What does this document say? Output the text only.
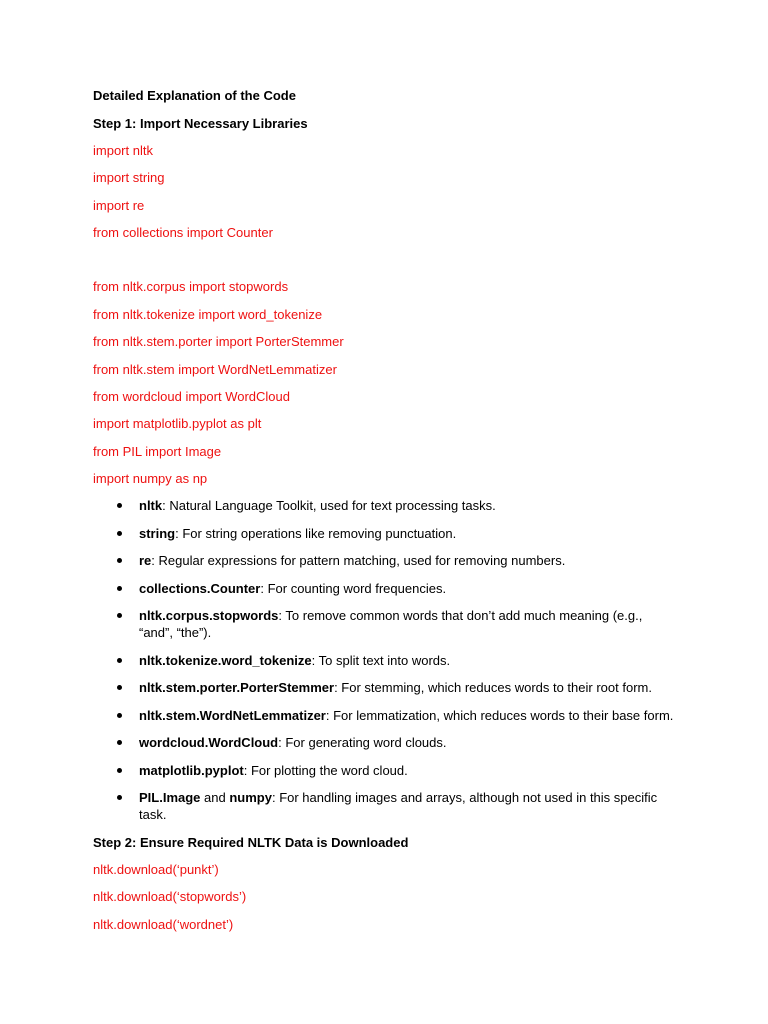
Detailed Explanation of the Code
Step 1: Import Necessary Libraries
import nltk
import string
import re
from collections import Counter
from nltk.corpus import stopwords
from nltk.tokenize import word_tokenize
from nltk.stem.porter import PorterStemmer
from nltk.stem import WordNetLemmatizer
from wordcloud import WordCloud
import matplotlib.pyplot as plt
from PIL import Image
import numpy as np
nltk: Natural Language Toolkit, used for text processing tasks.
string: For string operations like removing punctuation.
re: Regular expressions for pattern matching, used for removing numbers.
collections.Counter: For counting word frequencies.
nltk.corpus.stopwords: To remove common words that don’t add much meaning (e.g., “and”, “the”).
nltk.tokenize.word_tokenize: To split text into words.
nltk.stem.porter.PorterStemmer: For stemming, which reduces words to their root form.
nltk.stem.WordNetLemmatizer: For lemmatization, which reduces words to their base form.
wordcloud.WordCloud: For generating word clouds.
matplotlib.pyplot: For plotting the word cloud.
PIL.Image and numpy: For handling images and arrays, although not used in this specific task.
Step 2: Ensure Required NLTK Data is Downloaded
nltk.download(‘punkt’)
nltk.download(‘stopwords’)
nltk.download(‘wordnet’)
